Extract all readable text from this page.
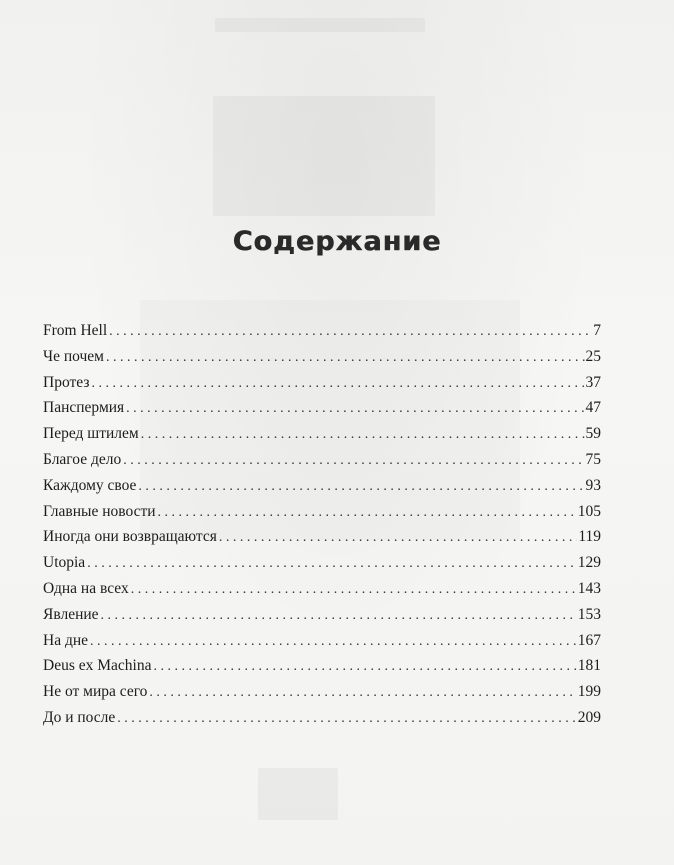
Содержание
From Hell . . .	7
Че почем . . .	25
Протез . . .	37
Панспермия . . .	47
Перед штилем . . .	59
Благое дело . . .	75
Каждому свое . . .	93
Главные новости . . .	105
Иногда они возвращаются . . .	119
Utopia . . .	129
Одна на всех . . .	143
Явление . . .	153
На дне . . .	167
Deus ex Machina . . .	181
Не от мира сего . . .	199
До и после . . .	209
